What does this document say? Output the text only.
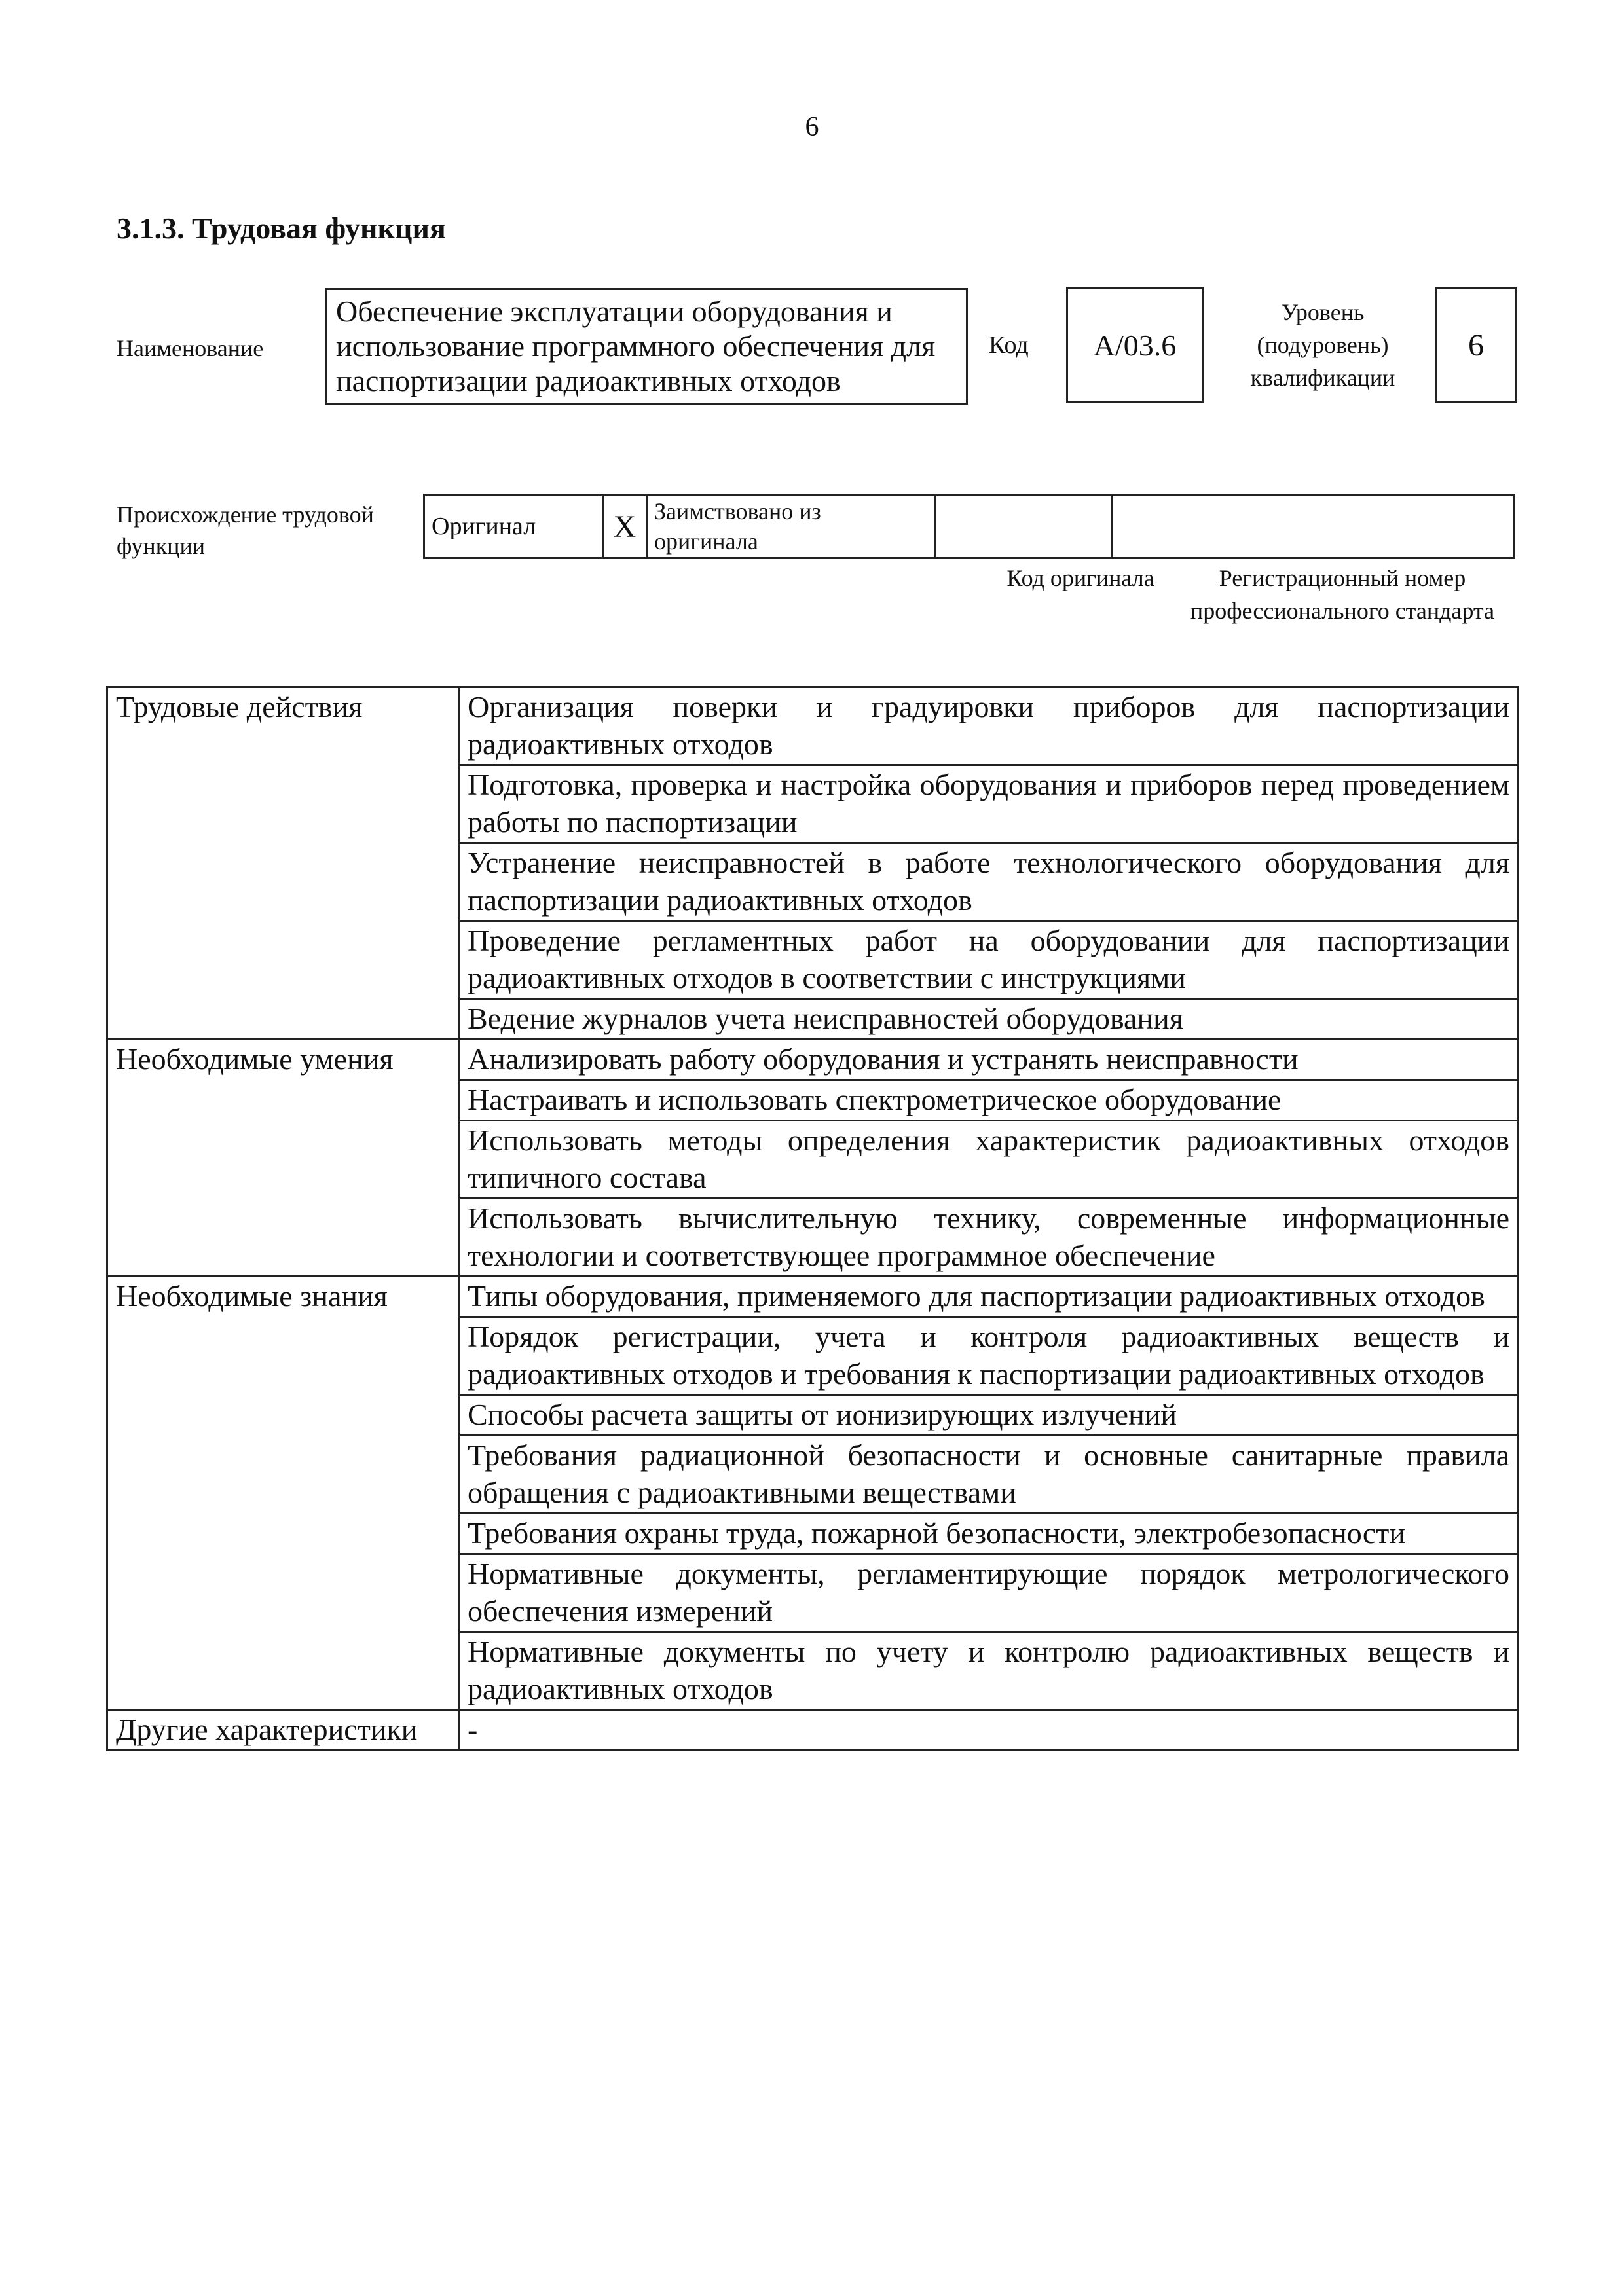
6
3.1.3. Трудовая функция
Наименование
Обеспечение эксплуатации оборудования и использование программного обеспечения для паспортизации радиоактивных отходов
Код	A/03.6
Уровень (подуровень) квалификации
6
Происхождение трудовой функции
Оригинал	X	Заимствовано из оригинала		
Код оригинала	Регистрационный номер профессионального стандарта
Трудовые действия	Организация поверки и градуировки приборов для паспортизации радиоактивных отходов
	Подготовка, проверка и настройка оборудования и приборов перед проведением работы по паспортизации
	Устранение неисправностей в работе технологического оборудования для паспортизации радиоактивных отходов
	Проведение регламентных работ на оборудовании для паспортизации радиоактивных отходов в соответствии с инструкциями
	Ведение журналов учета неисправностей оборудования
Необходимые умения	Анализировать работу оборудования и устранять неисправности
	Настраивать и использовать спектрометрическое оборудование
	Использовать методы определения характеристик радиоактивных отходов типичного состава
	Использовать вычислительную технику, современные информационные технологии и соответствующее программное обеспечение
Необходимые знания	Типы оборудования, применяемого для паспортизации радиоактивных отходов
	Порядок регистрации, учета и контроля радиоактивных веществ и радиоактивных отходов и требования к паспортизации радиоактивных отходов
	Способы расчета защиты от ионизирующих излучений
	Требования радиационной безопасности и основные санитарные правила обращения с радиоактивными веществами
	Требования охраны труда, пожарной безопасности, электробезопасности
	Нормативные документы, регламентирующие порядок метрологического обеспечения измерений
	Нормативные документы по учету и контролю радиоактивных веществ и радиоактивных отходов
Другие характеристики	-
